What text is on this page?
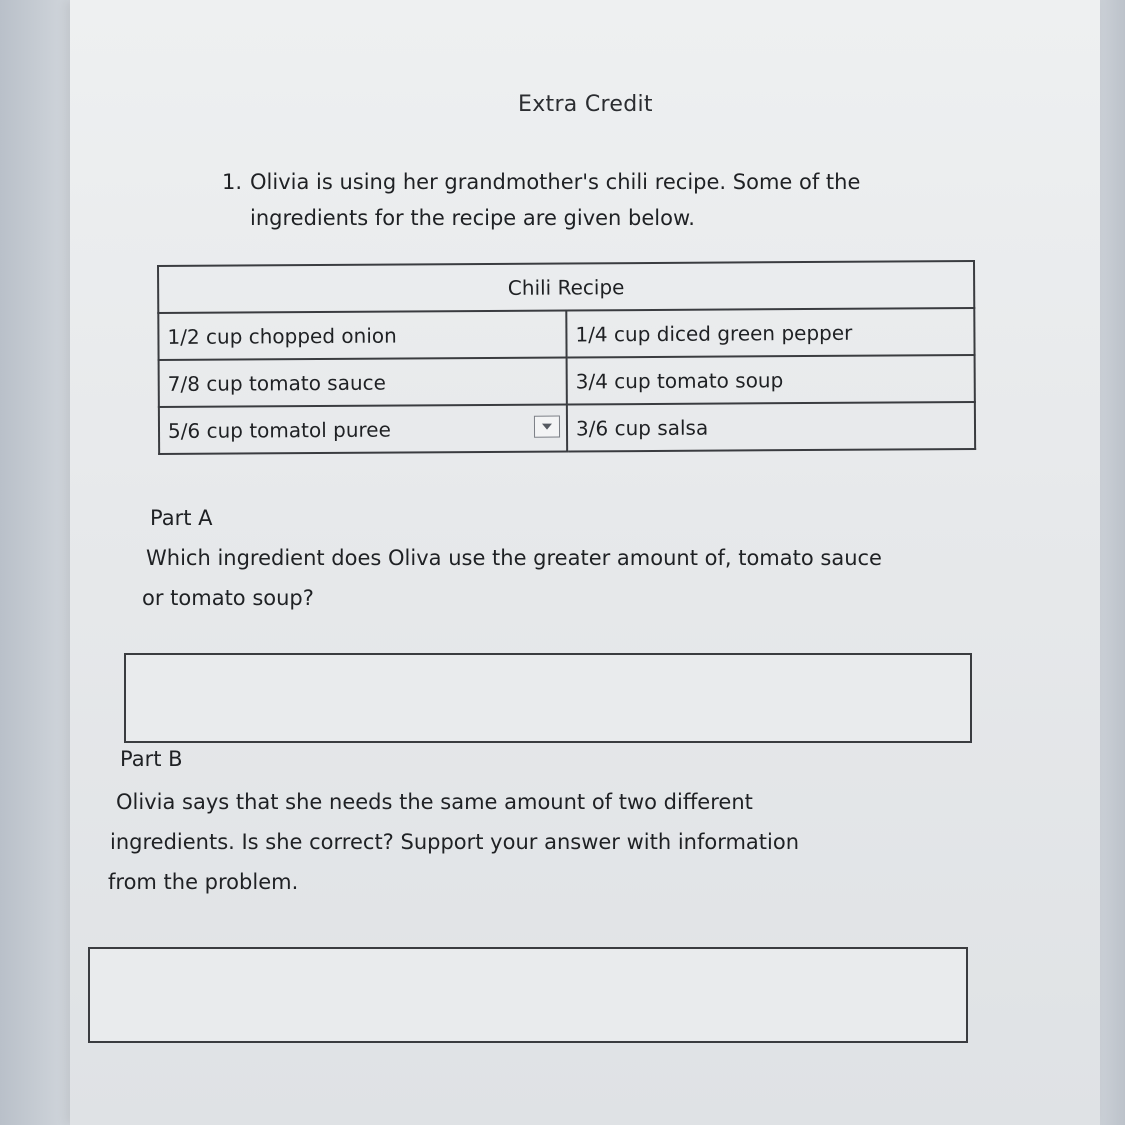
Extra Credit
1. Olivia is using her grandmother's chili recipe. Some of the
ingredients for the recipe are given below.
Chili Recipe	
1/2 cup chopped onion	1/4 cup diced green pepper
7/8 cup tomato sauce	3/4 cup tomato soup
5/6 cup tomatol puree	3/6 cup salsa
Part A
Which ingredient does Oliva use the greater amount of, tomato sauce
or tomato soup?
Part B
Olivia says that she needs the same amount of two different
ingredients. Is she correct? Support your answer with information
from the problem.
